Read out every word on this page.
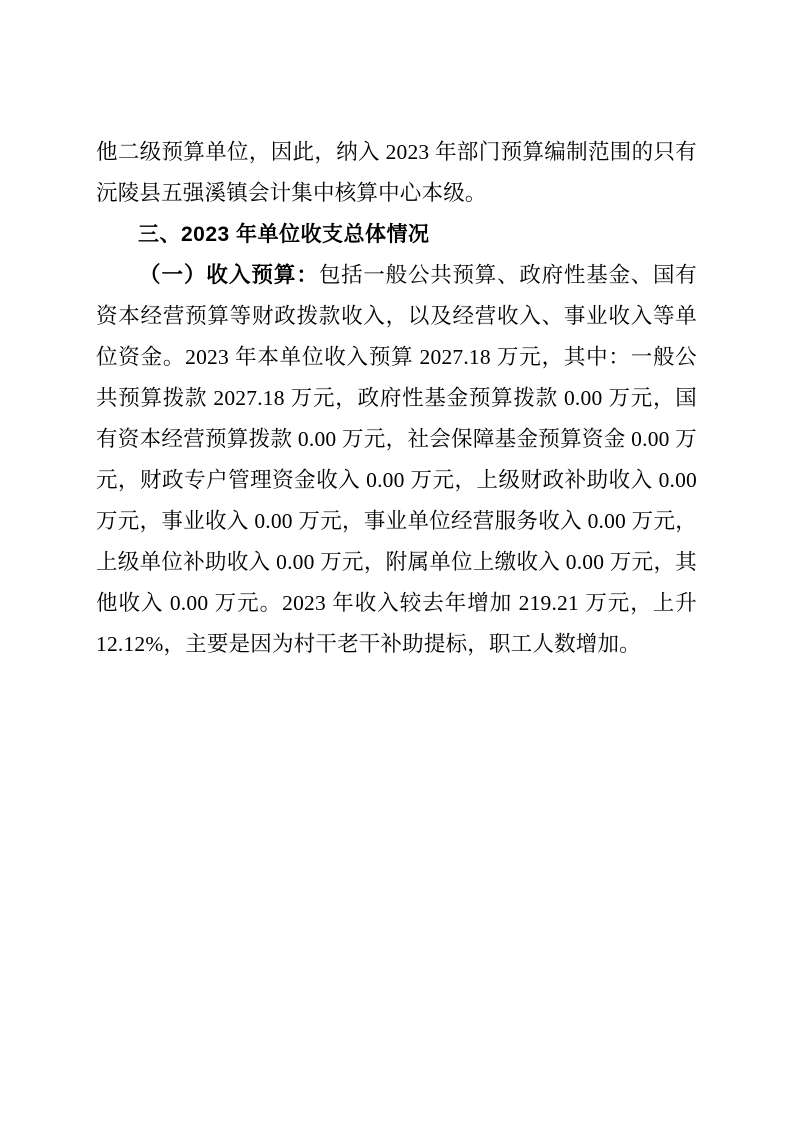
他二级预算单位，因此，纳入 2023 年部门预算编制范围的只有沅陵县五强溪镇会计集中核算中心本级。

三、2023 年单位收支总体情况

（一）收入预算：包括一般公共预算、政府性基金、国有资本经营预算等财政拨款收入，以及经营收入、事业收入等单位资金。2023 年本单位收入预算 2027.18 万元，其中：一般公共预算拨款 2027.18 万元，政府性基金预算拨款 0.00 万元，国有资本经营预算拨款 0.00 万元，社会保障基金预算资金 0.00 万元，财政专户管理资金收入 0.00 万元，上级财政补助收入 0.00 万元，事业收入 0.00 万元，事业单位经营服务收入 0.00 万元，上级单位补助收入 0.00 万元，附属单位上缴收入 0.00 万元，其他收入 0.00 万元。2023 年收入较去年增加 219.21 万元，上升 12.12%，主要是因为村干老干补助提标，职工人数增加。
